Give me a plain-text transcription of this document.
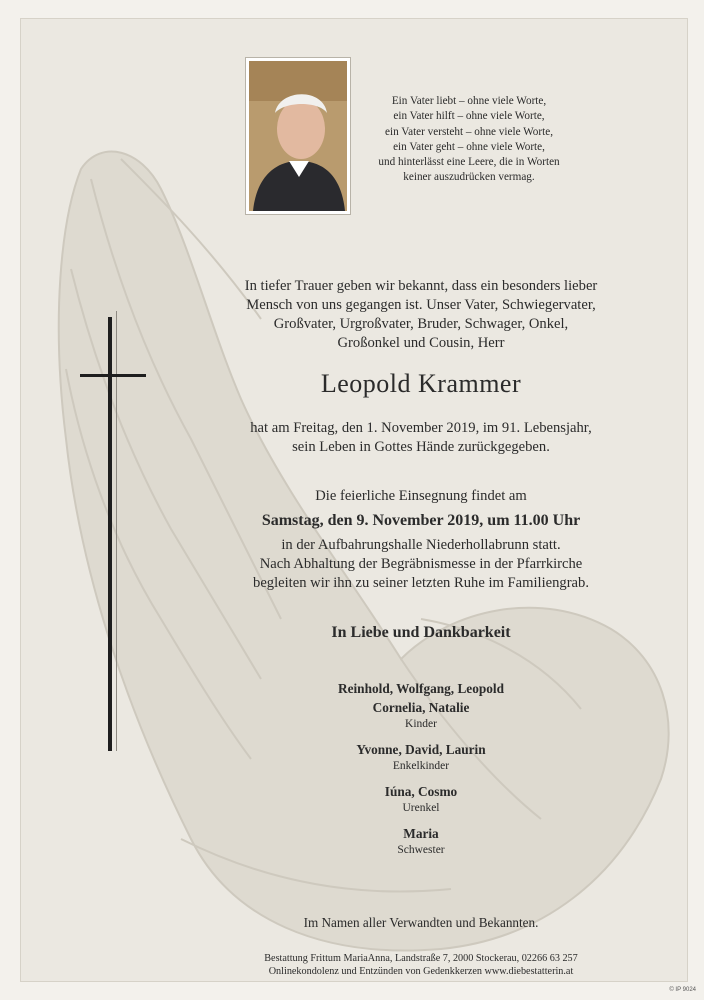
Ein Vater liebt – ohne viele Worte,
ein Vater hilft – ohne viele Worte,
ein Vater versteht – ohne viele Worte,
ein Vater geht – ohne viele Worte,
und hinterlässt eine Leere, die in Worten
keiner auszudrücken vermag.
In tiefer Trauer geben wir bekannt, dass ein besonders lieber
Mensch von uns gegangen ist. Unser Vater, Schwiegervater,
Großvater, Urgroßvater, Bruder, Schwager, Onkel,
Großonkel und Cousin, Herr
Leopold Krammer
hat am Freitag, den 1. November 2019, im 91. Lebensjahr,
sein Leben in Gottes Hände zurückgegeben.
Die feierliche Einsegnung findet am
Samstag, den 9. November 2019, um 11.00 Uhr
in der Aufbahrungshalle Niederhollabrunn statt.
Nach Abhaltung der Begräbnismesse in der Pfarrkirche
begleiten wir ihn zu seiner letzten Ruhe im Familiengrab.
In Liebe und Dankbarkeit
Reinhold, Wolfgang, Leopold
Cornelia, Natalie
Kinder
Yvonne, David, Laurin
Enkelkinder
Iúna, Cosmo
Urenkel
Maria
Schwester
Im Namen aller Verwandten und Bekannten.
Bestattung Frittum MariaAnna, Landstraße 7, 2000 Stockerau, 02266 63 257
Onlinekondolenz und Entzünden von Gedenkkerzen www.diebestatterin.at
© IP 9024
